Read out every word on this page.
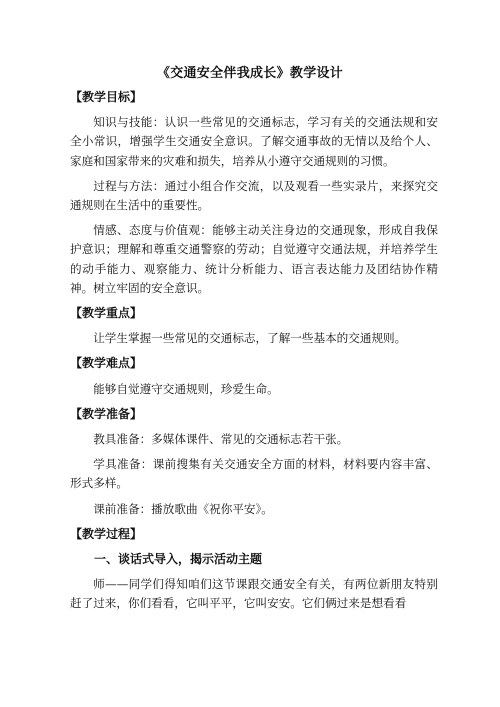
《交通安全伴我成长》教学设计
【教学目标】

知识与技能：认识一些常见的交通标志，学习有关的交通法规和安全小常识，增强学生交通安全意识。了解交通事故的无情以及给个人、家庭和国家带来的灾难和损失，培养从小遵守交通规则的习惯。

过程与方法：通过小组合作交流，以及观看一些实录片，来探究交通规则在生活中的重要性。

情感、态度与价值观：能够主动关注身边的交通现象，形成自我保护意识；理解和尊重交通警察的劳动；自觉遵守交通法规，并培养学生的动手能力、观察能力、统计分析能力、语言表达能力及团结协作精神。树立牢固的安全意识。

【教学重点】

让学生掌握一些常见的交通标志，了解一些基本的交通规则。

【教学难点】

能够自觉遵守交通规则，珍爱生命。

【教学准备】

教具准备：多媒体课件、常见的交通标志若干张。

学具准备：课前搜集有关交通安全方面的材料，材料要内容丰富、形式多样。

课前准备：播放歌曲《祝你平安》。

【教学过程】
一、谈话式导入，揭示活动主题

师——同学们得知咱们这节课跟交通安全有关，有两位新朋友特别赶了过来，你们看看，它叫平平，它叫安安。它们俩过来是想看看
